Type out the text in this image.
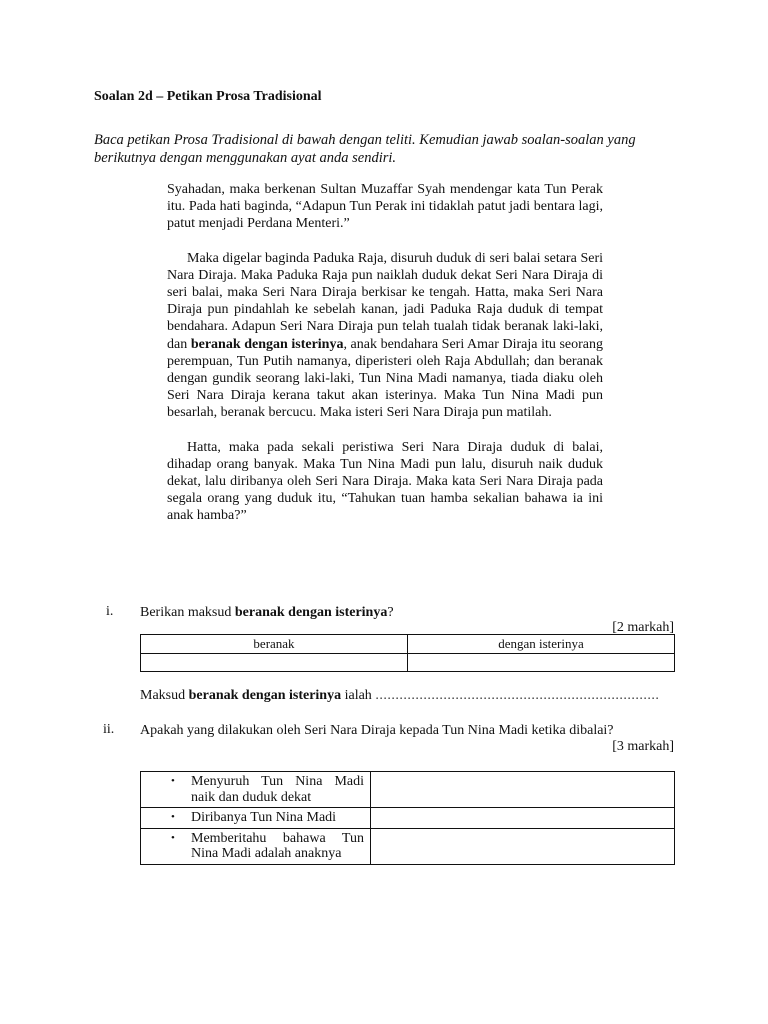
Soalan 2d – Petikan Prosa Tradisional
Baca petikan Prosa Tradisional di bawah dengan teliti. Kemudian jawab soalan-soalan yang berikutnya dengan menggunakan ayat anda sendiri.

Syahadan, maka berkenan Sultan Muzaffar Syah mendengar kata Tun Perak itu. Pada hati baginda, “Adapun Tun Perak ini tidaklah patut jadi bentara lagi, patut menjadi Perdana Menteri.”

Maka digelar baginda Paduka Raja, disuruh duduk di seri balai setara Seri Nara Diraja. Maka Paduka Raja pun naiklah duduk dekat Seri Nara Diraja di seri balai, maka Seri Nara Diraja berkisar ke tengah. Hatta, maka Seri Nara Diraja pun pindahlah ke sebelah kanan, jadi Paduka Raja duduk di tempat bendahara. Adapun Seri Nara Diraja pun telah tualah tidak beranak laki-laki, dan beranak dengan isterinya, anak bendahara Seri Amar Diraja itu seorang perempuan, Tun Putih namanya, diperisteri oleh Raja Abdullah; dan beranak dengan gundik seorang laki-laki, Tun Nina Madi namanya, tiada diaku oleh Seri Nara Diraja kerana takut akan isterinya. Maka Tun Nina Madi pun besarlah, beranak bercucu. Maka isteri Seri Nara Diraja pun matilah.

Hatta, maka pada sekali peristiwa Seri Nara Diraja duduk di balai, dihadap orang banyak. Maka Tun Nina Madi pun lalu, disuruh naik duduk dekat, lalu diribanya oleh Seri Nara Diraja. Maka kata Seri Nara Diraja pada segala orang yang duduk itu, “Tahukan tuan hamba sekalian bahawa ia ini anak hamba?”

i. Berikan maksud beranak dengan isterinya?
[2 markah]
beranak	dengan isterinya

Maksud beranak dengan isterinya ialah .......................................................................
ii. Apakah yang dilakukan oleh Seri Nara Diraja kepada Tun Nina Madi ketika dibalai?
[3 markah]
• Menyuruh Tun Nina Madi naik dan duduk dekat	

• Diribanya Tun Nina Madi	

• Memberitahu bahawa Tun Nina Madi adalah anaknya	
